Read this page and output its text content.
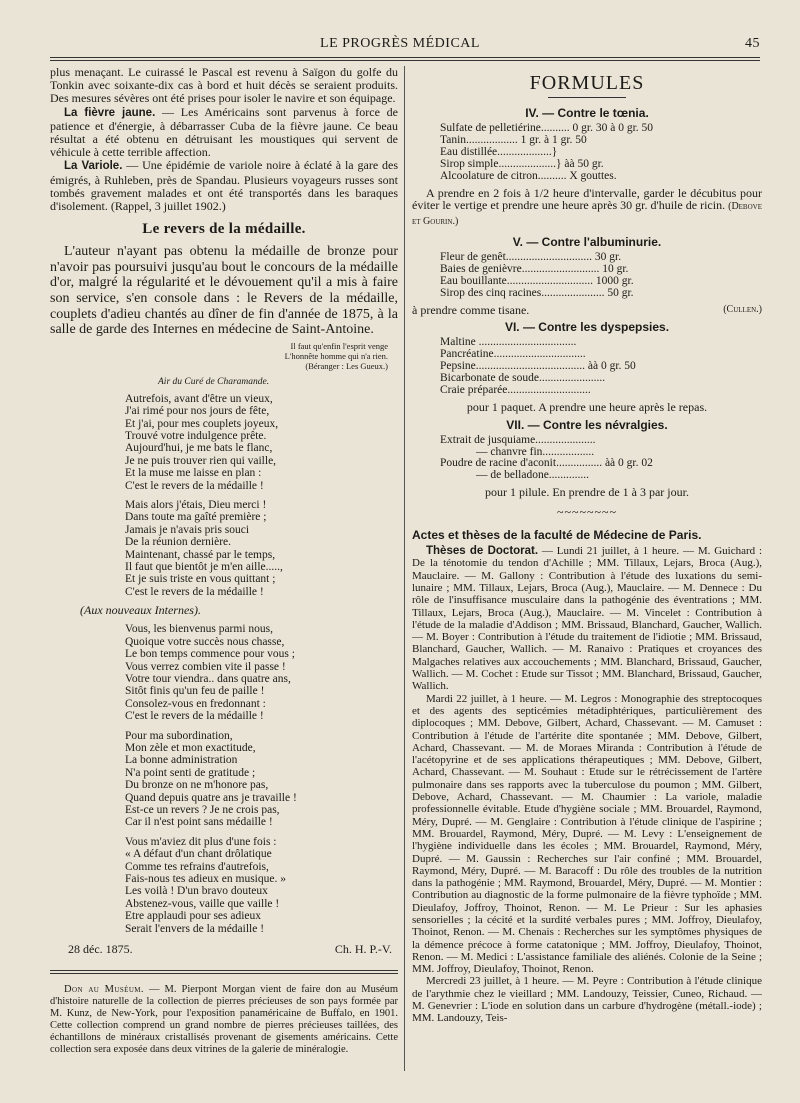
LE PROGRÈS MÉDICAL	45

plus menaçant. Le cuirassé le Pascal est revenu à Saïgon du golfe du Tonkin avec soixante-dix cas à bord et huit décès se seraient produits. Des mesures sévères ont été prises pour isoler le navire et son équipage.

La fièvre jaune. — Les Américains sont parvenus à force de patience et d'énergie, à débarrasser Cuba de la fièvre jaune. Ce beau résultat a été obtenu en détruisant les moustiques qui servent de véhicule à cette terrible affection.

La Variole. — Une épidémie de variole noire à éclaté à la gare des émigrés, à Ruhleben, près de Spandau. Plusieurs voyageurs russes sont tombés gravement malades et ont été transportés dans les baraques d'isolement. (Rappel, 3 juillet 1902.)

Le revers de la médaille.

L'auteur n'ayant pas obtenu la médaille de bronze pour n'avoir pas poursuivi jusqu'au bout le concours de la médaille d'or, malgré la régularité et le dévouement qu'il a mis à faire son service, s'en console dans : le Revers de la médaille, couplets d'adieu chantés au dîner de fin d'année de 1875, à la salle de garde des Internes en médecine de Saint-Antoine.

Il faut qu'enfin l'esprit venge
L'honnête homme qui n'a rien.
(Béranger : Les Gueux.)
Air du Curé de Charamande.
Autrefois, avant d'être un vieux,
J'ai rimé pour nos jours de fête,
Et j'ai, pour mes couplets joyeux,
Trouvé votre indulgence prête.
Aujourd'hui, je me bats le flanc,
Je ne puis trouver rien qui vaille,
Et la muse me laisse en plan :
C'est le revers de la médaille !
Mais alors j'étais, Dieu merci !
Dans toute ma gaîté première ;
Jamais je n'avais pris souci
De la réunion dernière.
Maintenant, chassé par le temps,
Il faut que bientôt je m'en aille.....,
Et je suis triste en vous quittant ;
C'est le revers de la médaille !
(Aux nouveaux Internes).
Vous, les bienvenus parmi nous,
Quoique votre succès nous chasse,
Le bon temps commence pour vous ;
Vous verrez combien vite il passe !
Votre tour viendra.. dans quatre ans,
Sitôt finis qu'un feu de paille !
Consolez-vous en fredonnant :
C'est le revers de la médaille !
Pour ma subordination,
Mon zèle et mon exactitude,
La bonne administration
N'a point senti de gratitude ;
Du bronze on ne m'honore pas,
Quand depuis quatre ans je travaille !
Est-ce un revers ? Je ne crois pas,
Car il n'est point sans médaille !
Vous m'aviez dit plus d'une fois :
« A défaut d'un chant drôlatique
Comme tes refrains d'autrefois,
Fais-nous tes adieux en musique. »
Les voilà ! D'un bravo douteux
Abstenez-vous, vaille que vaille !
Etre applaudi pour ses adieux
Serait l'envers de la médaille !
28 déc. 1875.	Ch. H. P.-V.

Don au Muséum. — M. Pierpont Morgan vient de faire don au Muséum d'histoire naturelle de la collection de pierres précieuses de son pays formée par M. Kunz, de New-York, pour l'exposition panaméricaine de Buffalo, en 1901. Cette collection comprend un grand nombre de pierres précieuses taillées, des échantillons de minéraux cristallisés provenant de gisements américains. Cette collection sera exposée dans deux vitrines de la galerie de minéralogie.

FORMULES
IV. — Contre le tœnia.
Sulfate de pelletiérine.......... 0 gr. 30 à 0 gr. 50
Tanin.................. 1 gr. à 1 gr. 50
Eau distillée...................}
Sirop simple....................} àà 50 gr.
Alcoolature de citron.......... X gouttes.

A prendre en 2 fois à 1/2 heure d'intervalle, garder le décubitus pour éviter le vertige et prendre une heure après 30 gr. d'huile de ricin. (Debove et Gourin.)

V. — Contre l'albuminurie.
Fleur de genêt.............................. 30 gr.
Baies de genièvre........................... 10 gr.
Eau bouillante.............................. 1000 gr.
Sirop des cinq racines...................... 50 gr.

à prendre comme tisane.	(Cullen.)

VI. — Contre les dyspepsies.
Maltine ..................................
Pancréatine................................
Pepsine...................................... àà 0 gr. 50
Bicarbonate de soude.......................
Craie préparée.............................

pour 1 paquet. A prendre une heure après le repas.

VII. — Contre les névralgies.
Extrait de jusquiame.....................
— chanvre fin..................
Poudre de racine d'aconit................ àà 0 gr. 02
— de belladone..............

pour 1 pilule. En prendre de 1 à 3 par jour.

~~~~~~~~
Actes et thèses de la faculté de Médecine de Paris.

Thèses de Doctorat. — Lundi 21 juillet, à 1 heure. — M. Guichard : De la ténotomie du tendon d'Achille ; MM. Tillaux, Lejars, Broca (Aug.), Mauclaire. — M. Gallony : Contribution à l'étude des luxations du semi-lunaire ; MM. Tillaux, Lejars, Broca (Aug.), Mauclaire. — M. Dennece : Du rôle de l'insuffisance musculaire dans la pathogénie des éventrations ; MM. Tillaux, Lejars, Broca (Aug.), Mauclaire. — M. Vincelet : Contribution à l'étude de la maladie d'Addison ; MM. Brissaud, Blanchard, Gaucher, Wallich. — M. Boyer : Contribution à l'étude du traitement de l'idiotie ; MM. Brissaud, Blanchard, Gaucher, Wallich. — M. Ranaivo : Pratiques et croyances des Malgaches relatives aux accouchements ; MM. Blanchard, Brissaud, Gaucher, Wallich. — M. Cochet : Etude sur Tissot ; MM. Blanchard, Brissaud, Gaucher, Wallich.

Mardi 22 juillet, à 1 heure. — M. Legros : Monographie des streptocoques et des agents des septicémies métadiphtériques, particulièrement des diplocoques ; MM. Debove, Gilbert, Achard, Chassevant. — M. Camuset : Contribution à l'étude de l'artérite dite spontanée ; MM. Debove, Gilbert, Achard, Chassevant. — M. de Moraes Miranda : Contribution à l'étude de l'acétopyrine et de ses applications thérapeutiques ; MM. Debove, Gilbert, Achard, Chassevant. — M. Souhaut : Etude sur le rétrécissement de l'artère pulmonaire dans ses rapports avec la tuberculose du poumon ; MM. Gilbert, Debove, Achard, Chassevant. — M. Chaumier : La variole, maladie professionnelle évitable. Etude d'hygiène sociale ; MM. Brouardel, Raymond, Méry, Dupré. — M. Genglaire : Contribution à l'étude clinique de l'aspirine ; MM. Brouardel, Raymond, Méry, Dupré. — M. Levy : L'enseignement de l'hygiène individuelle dans les écoles ; MM. Brouardel, Raymond, Méry, Dupré. — M. Gaussin : Recherches sur l'air confiné ; MM. Brouardel, Raymond, Méry, Dupré. — M. Baracoff : Du rôle des troubles de la nutrition dans la pathogénie ; MM. Raymond, Brouardel, Méry, Dupré. — M. Montier : Contribution au diagnostic de la forme pulmonaire de la fièvre typhoïde ; MM. Dieulafoy, Joffroy, Thoinot, Renon. — M. Le Prieur : Sur les aphasies sensorielles ; la cécité et la surdité verbales pures ; MM. Joffroy, Dieulafoy, Thoinot, Renon. — M. Chenais : Recherches sur les symptômes physiques de la démence précoce à forme catatonique ; MM. Joffroy, Dieulafoy, Thoinot, Renon. — M. Medici : L'assistance familiale des aliénés. Colonie de la Seine ; MM. Joffroy, Dieulafoy, Thoinot, Renon.

Mercredi 23 juillet, à 1 heure. — M. Peyre : Contribution à l'étude clinique de l'arythmie chez le vieillard ; MM. Landouzy, Teissier, Cuneo, Richaud. — M. Genevrier : L'iode en solution dans un carbure d'hydrogène (métall.-iode) ; MM. Landouzy, Teis-
